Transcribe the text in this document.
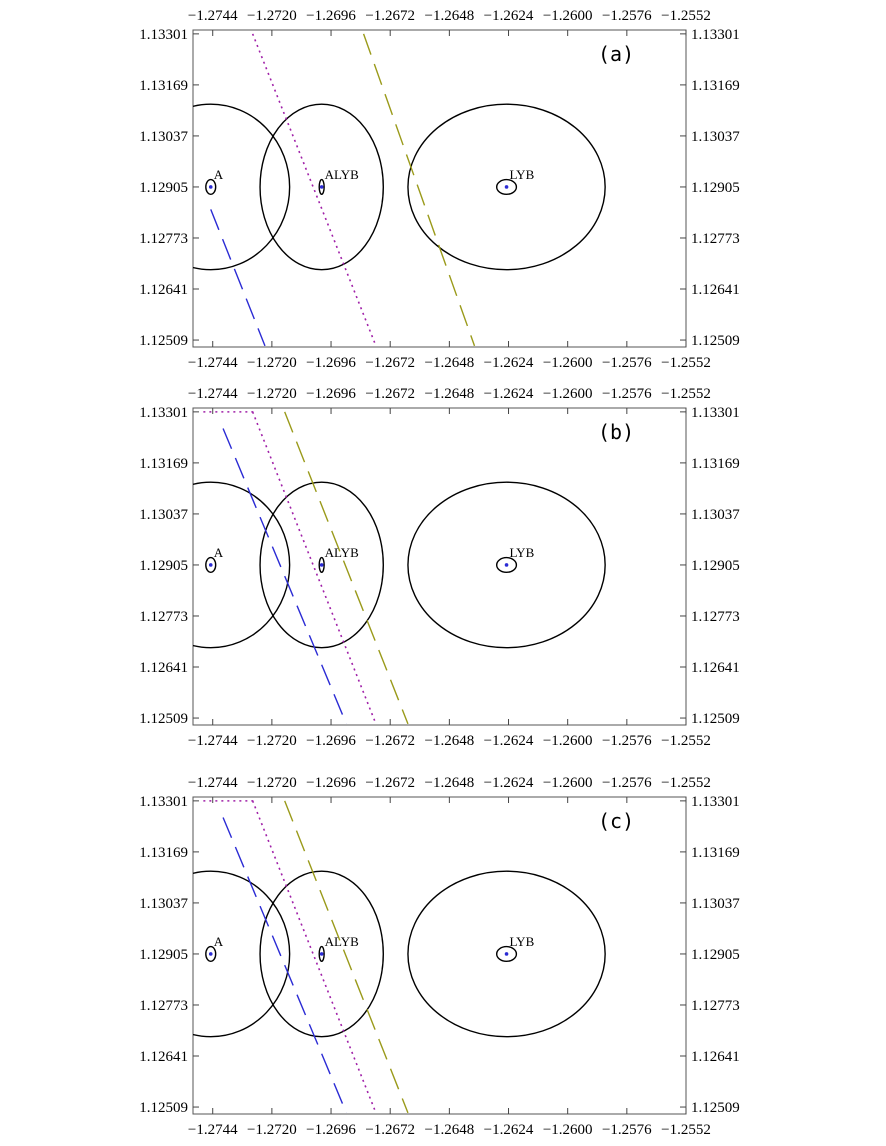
−1.2744
−1.2744
−1.2720
−1.2720
−1.2696
−1.2696
−1.2672
−1.2672
−1.2648
−1.2648
−1.2624
−1.2624
−1.2600
−1.2600
−1.2576
−1.2576
−1.2552
−1.2552
1.13301	1.13301
1.13169	1.13169
1.13037	1.13037
1.12905	1.12905
1.12773	1.12773
1.12641	1.12641
1.12509	1.12509
A	ALYB	LYB
(a)
−1.2744
−1.2744
−1.2720
−1.2720
−1.2696
−1.2696
−1.2672
−1.2672
−1.2648
−1.2648
−1.2624
−1.2624
−1.2600
−1.2600
−1.2576
−1.2576
−1.2552
−1.2552
1.13301	1.13301
1.13169	1.13169
1.13037	1.13037
1.12905	1.12905
1.12773	1.12773
1.12641	1.12641
1.12509	1.12509
A	ALYB	LYB
(b)
−1.2744
−1.2744
−1.2720
−1.2720
−1.2696
−1.2696
−1.2672
−1.2672
−1.2648
−1.2648
−1.2624
−1.2624
−1.2600
−1.2600
−1.2576
−1.2576
−1.2552
−1.2552
1.13301	1.13301
1.13169	1.13169
1.13037	1.13037
1.12905	1.12905
1.12773	1.12773
1.12641	1.12641
1.12509	1.12509
A	ALYB	LYB
(c)
